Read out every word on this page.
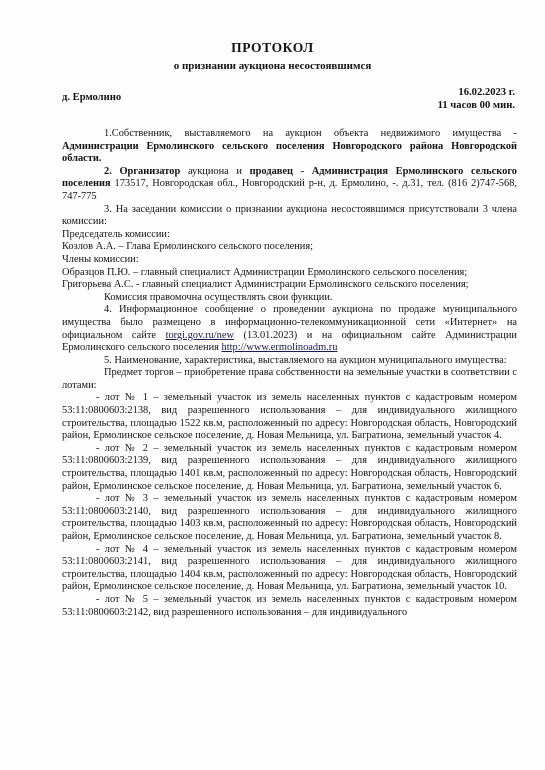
ПРОТОКОЛ
о признании аукциона несостоявшимся
д. Ермолино	16.02.2023 г.
11 часов 00 мин.

1.Собственник, выставляемого на аукцион объекта недвижимого имущества - Администрации Ермолинского сельского поселения Новгородского района Новгородской области.

2. Организатор аукциона и продавец - Администрация Ермолинского сельского поселения 173517, Новгородская обл., Новгородский р-н, д. Ермолино, -. д.31, тел. (816 2)747-568, 747-775

3. На заседании комиссии о признании аукциона несостоявшимся присутствовали 3 члена комиссии:

Председатель комиссии:

Козлов А.А. – Глава Ермолинского сельского поселения;

Члены комиссии:

Образцов П.Ю. – главный специалист Администрации Ермолинского сельского поселения;

Григорьева А.С. - главный специалист Администрации Ермолинского сельского поселения;

Комиссия правомочна осуществлять свои функции.

4. Информационное сообщение о проведении аукциона по продаже муниципального имущества было размещено в информационно-телекоммуникационной сети «Интернет» на официальном сайте torgi.gov.ru/new (13.01.2023) и на официальном сайте Администрации Ермолинского сельского поселения http://www.ermolinoadm.ru

5. Наименование, характеристика, выставляемого на аукцион муниципального имущества:

Предмет торгов – приобретение права собственности на земельные участки в соответствии с лотами:

- лот № 1 – земельный участок из земель населенных пунктов с кадастровым номером 53:11:0800603:2138, вид разрешенного использования – для индивидуального жилищного строительства, площадью 1522 кв.м, расположенный по адресу: Новгородская область, Новгородский район, Ермолинское сельское поселение, д. Новая Мельница, ул. Багратиона, земельный участок 4.

- лот № 2 – земельный участок из земель населенных пунктов с кадастровым номером 53:11:0800603:2139, вид разрешенного использования – для индивидуального жилищного строительства, площадью 1401 кв.м, расположенный по адресу: Новгородская область, Новгородский район, Ермолинское сельское поселение, д. Новая Мельница, ул. Багратиона, земельный участок 6.

- лот № 3 – земельный участок из земель населенных пунктов с кадастровым номером 53:11:0800603:2140, вид разрешенного использования – для индивидуального жилищного строительства, площадью 1403 кв.м, расположенный по адресу: Новгородская область, Новгородский район, Ермолинское сельское поселение, д. Новая Мельница, ул. Багратиона, земельный участок 8.

- лот № 4 – земельный участок из земель населенных пунктов с кадастровым номером 53:11:0800603:2141, вид разрешенного использования – для индивидуального жилищного строительства, площадью 1404 кв.м, расположенный по адресу: Новгородская область, Новгородский район, Ермолинское сельское поселение, д. Новая Мельница, ул. Багратиона, земельный участок 10.

- лот № 5 – земельный участок из земель населенных пунктов с кадастровым номером 53:11:0800603:2142, вид разрешенного использования – для индивидуального
